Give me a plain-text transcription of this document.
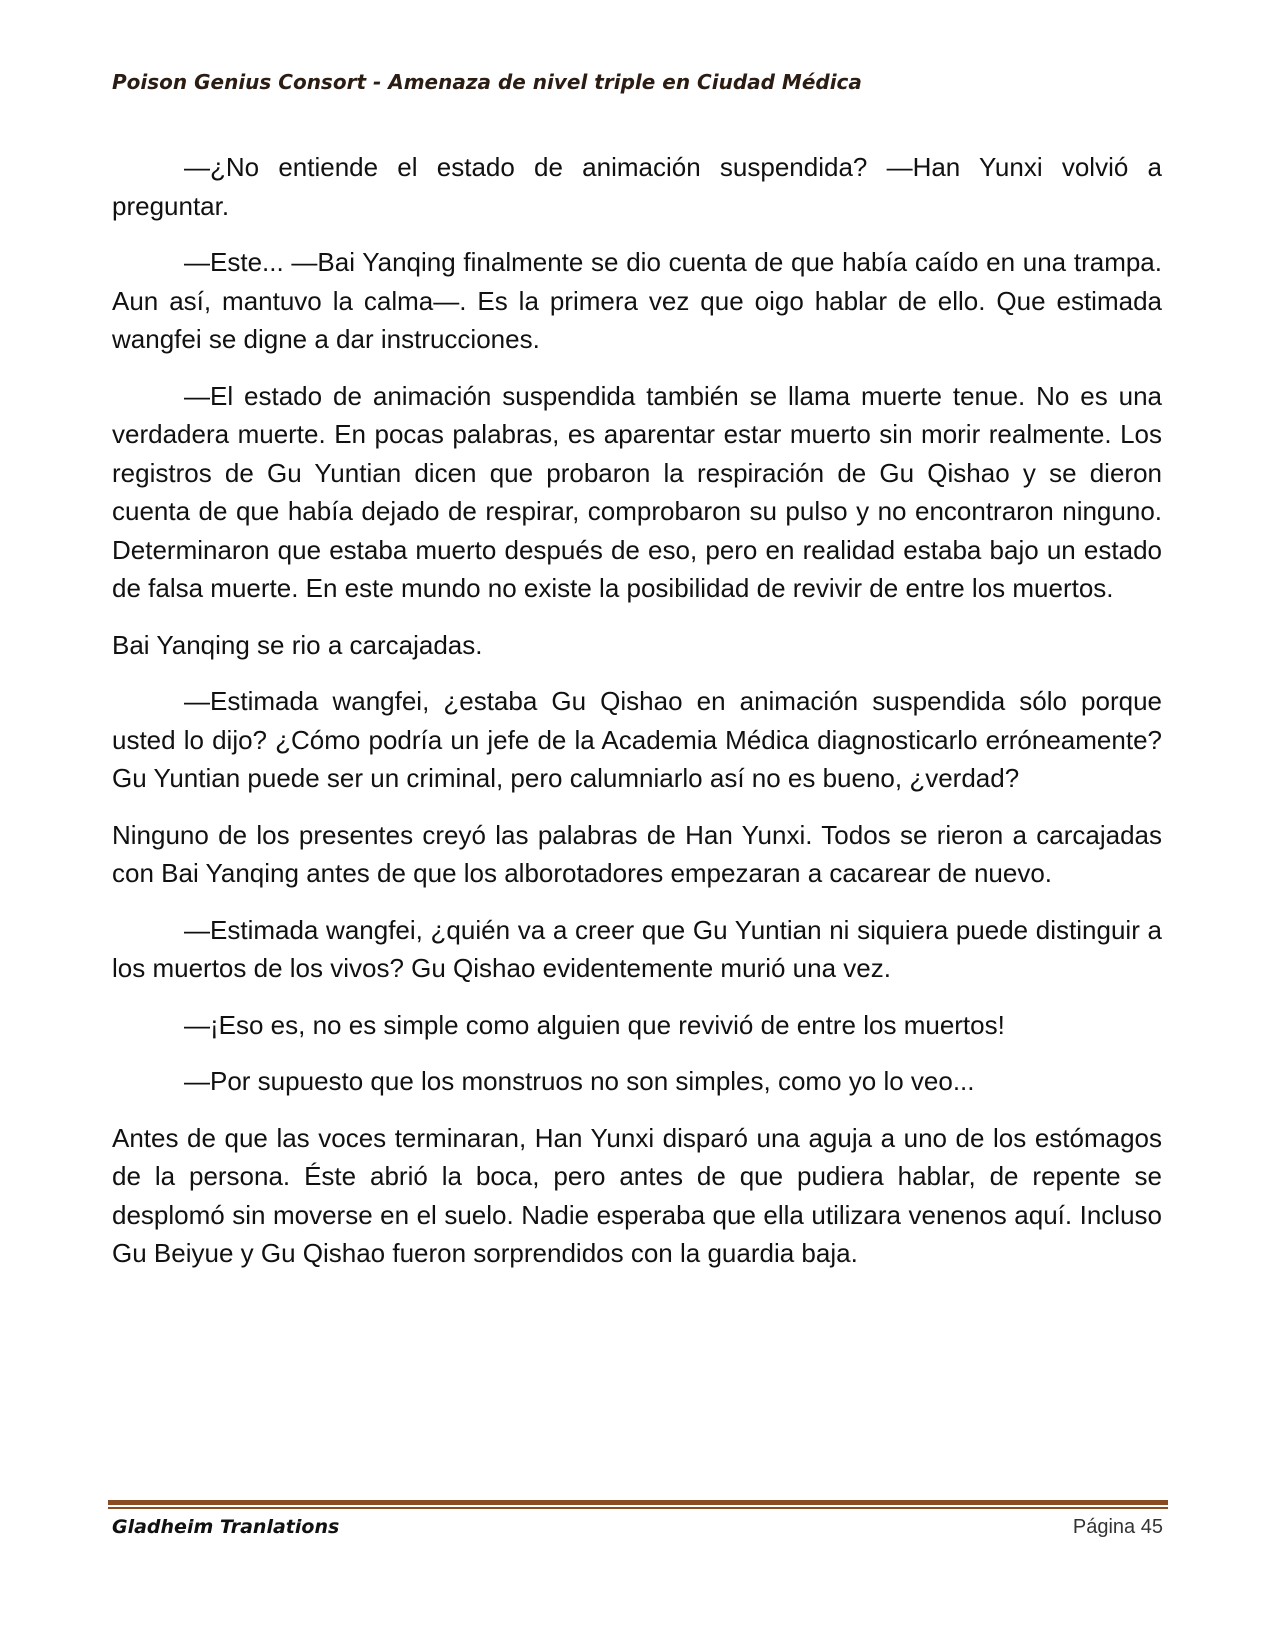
Poison Genius Consort - Amenaza de nivel triple en Ciudad Médica

—¿No entiende el estado de animación suspendida? —Han Yunxi volvió a preguntar.

—Este... —Bai Yanqing finalmente se dio cuenta de que había caído en una trampa. Aun así, mantuvo la calma—. Es la primera vez que oigo hablar de ello. Que estimada wangfei se digne a dar instrucciones.

—El estado de animación suspendida también se llama muerte tenue. No es una verdadera muerte. En pocas palabras, es aparentar estar muerto sin morir realmente. Los registros de Gu Yuntian dicen que probaron la respiración de Gu Qishao y se dieron cuenta de que había dejado de respirar, comprobaron su pulso y no encontraron ninguno. Determinaron que estaba muerto después de eso, pero en realidad estaba bajo un estado de falsa muerte. En este mundo no existe la posibilidad de revivir de entre los muertos.

Bai Yanqing se rio a carcajadas.

—Estimada wangfei, ¿estaba Gu Qishao en animación suspendida sólo porque usted lo dijo? ¿Cómo podría un jefe de la Academia Médica diagnosticarlo erróneamente? Gu Yuntian puede ser un criminal, pero calumniarlo así no es bueno, ¿verdad?

Ninguno de los presentes creyó las palabras de Han Yunxi. Todos se rieron a carcajadas con Bai Yanqing antes de que los alborotadores empezaran a cacarear de nuevo.

—Estimada wangfei, ¿quién va a creer que Gu Yuntian ni siquiera puede distinguir a los muertos de los vivos? Gu Qishao evidentemente murió una vez.

—¡Eso es, no es simple como alguien que revivió de entre los muertos!

—Por supuesto que los monstruos no son simples, como yo lo veo...

Antes de que las voces terminaran, Han Yunxi disparó una aguja a uno de los estómagos de la persona. Éste abrió la boca, pero antes de que pudiera hablar, de repente se desplomó sin moverse en el suelo. Nadie esperaba que ella utilizara venenos aquí. Incluso Gu Beiyue y Gu Qishao fueron sorprendidos con la guardia baja.

Gladheim Tranlations	Página 45
